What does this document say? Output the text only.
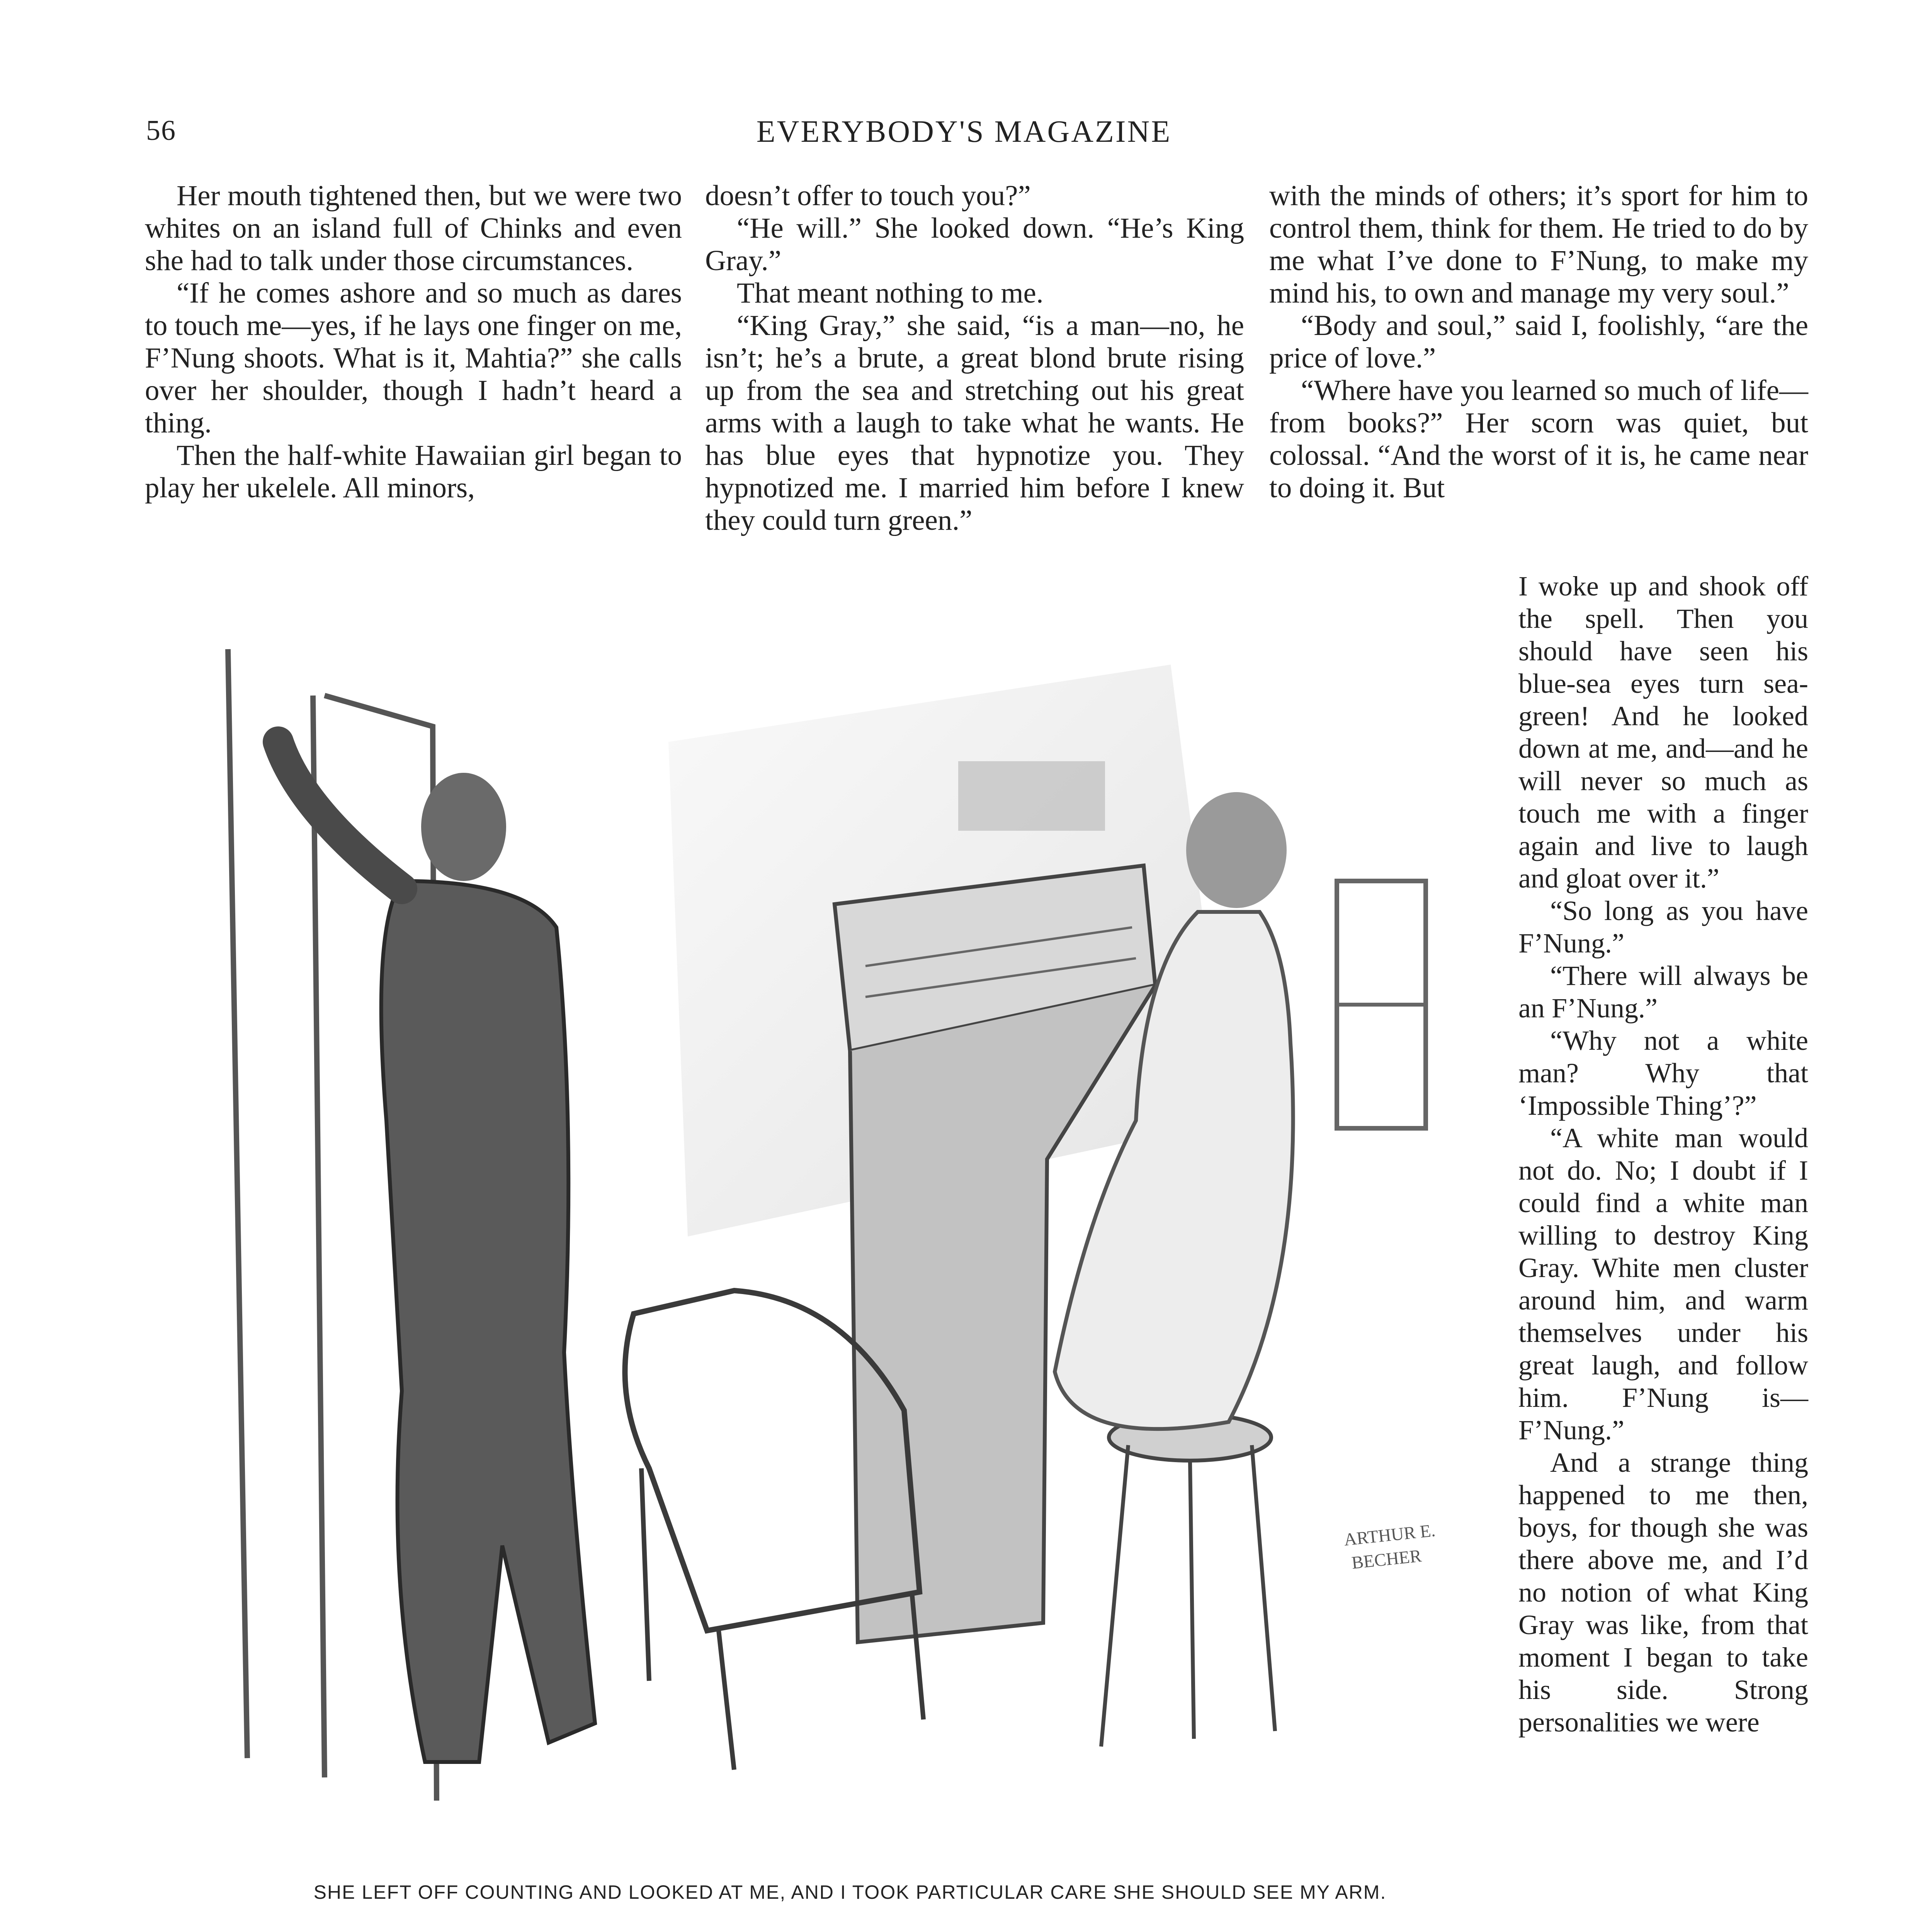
56	EVERYBODY'S MAGAZINE

Her mouth tightened then, but we were two whites on an island full of Chinks and even she had to talk under those circumstances.

“If he comes ashore and so much as dares to touch me—yes, if he lays one finger on me, F’Nung shoots. What is it, Mahtia?” she calls over her shoulder, though I hadn’t heard a thing.

Then the half-white Hawaiian girl began to play her ukelele. All minors,

doesn’t offer to touch you?”

“He will.” She looked down. “He’s King Gray.”

That meant nothing to me.

“King Gray,” she said, “is a man—no, he isn’t; he’s a brute, a great blond brute rising up from the sea and stretching out his great arms with a laugh to take what he wants. He has blue eyes that hypnotize you. They hypnotized me. I married him before I knew they could turn green.”

with the minds of others; it’s sport for him to control them, think for them. He tried to do by me what I’ve done to F’Nung, to make my mind his, to own and manage my very soul.”

“Body and soul,” said I, foolishly, “are the price of love.”

“Where have you learned so much of life—from books?” Her scorn was quiet, but colossal. “And the worst of it is, he came near to doing it. But

I woke up and shook off the spell. Then you should have seen his blue-sea eyes turn sea-green! And he looked down at me, and—and he will never so much as touch me with a finger again and live to laugh and gloat over it.”

“So long as you have F’Nung.”

“There will always be an F’Nung.”

“Why not a white man? Why that ‘Impossible Thing’?”

“A white man would not do. No; I doubt if I could find a white man willing to destroy King Gray. White men cluster around him, and warm themselves under his great laugh, and follow him. F’Nung is—F’Nung.”

And a strange thing happened to me then, boys, for though she was there above me, and I’d no notion of what King Gray was like, from that moment I began to take his side. Strong personalities we were

ARTHUR E.
BECHER
SHE LEFT OFF COUNTING AND LOOKED AT ME, AND I TOOK PARTICULAR CARE SHE SHOULD SEE MY ARM.
